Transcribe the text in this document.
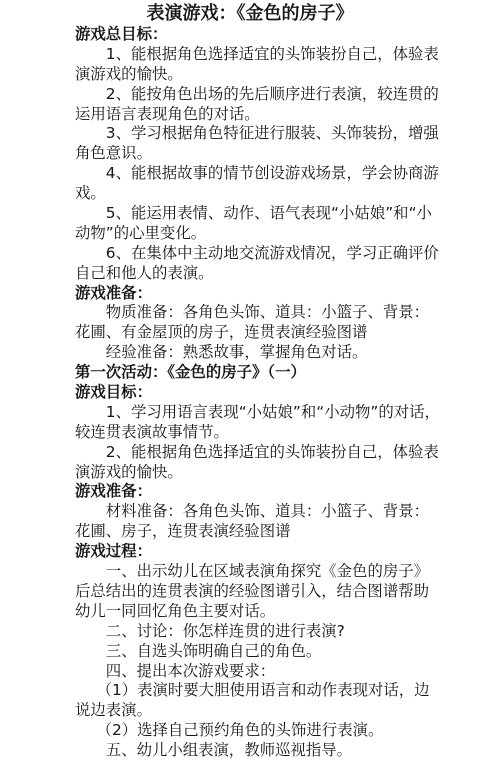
表演游戏：《金色的房子》
游戏总目标：
1、能根据角色选择适宜的头饰装扮自己，体验表
演游戏的愉快。
2、能按角色出场的先后顺序进行表演，较连贯的
运用语言表现角色的对话。
3、学习根据角色特征进行服装、头饰装扮，增强
角色意识。
4、能根据故事的情节创设游戏场景，学会协商游
戏。
5、能运用表情、动作、语气表现“小姑娘”和“小
动物”的心里变化。
6、在集体中主动地交流游戏情况，学习正确评价
自己和他人的表演。
游戏准备：
物质准备：各角色头饰、道具：小篮子、背景：
花圃、有金屋顶的房子，连贯表演经验图谱
经验准备：熟悉故事，掌握角色对话。
第一次活动：《金色的房子》（一）
游戏目标：
1、学习用语言表现“小姑娘”和“小动物”的对话，
较连贯表演故事情节。
2、能根据角色选择适宜的头饰装扮自己，体验表
演游戏的愉快。
游戏准备：
材料准备：各角色头饰、道具：小篮子、背景：
花圃、房子，连贯表演经验图谱
游戏过程：
一、出示幼儿在区域表演角探究《金色的房子》
后总结出的连贯表演的经验图谱引入，结合图谱帮助
幼儿一同回忆角色主要对话。
二、讨论：你怎样连贯的进行表演?
三、自选头饰明确自己的角色。
四、提出本次游戏要求：
（1）表演时要大胆使用语言和动作表现对话，边
说边表演。
（2）选择自己预约角色的头饰进行表演。
五、幼儿小组表演，教师巡视指导。
